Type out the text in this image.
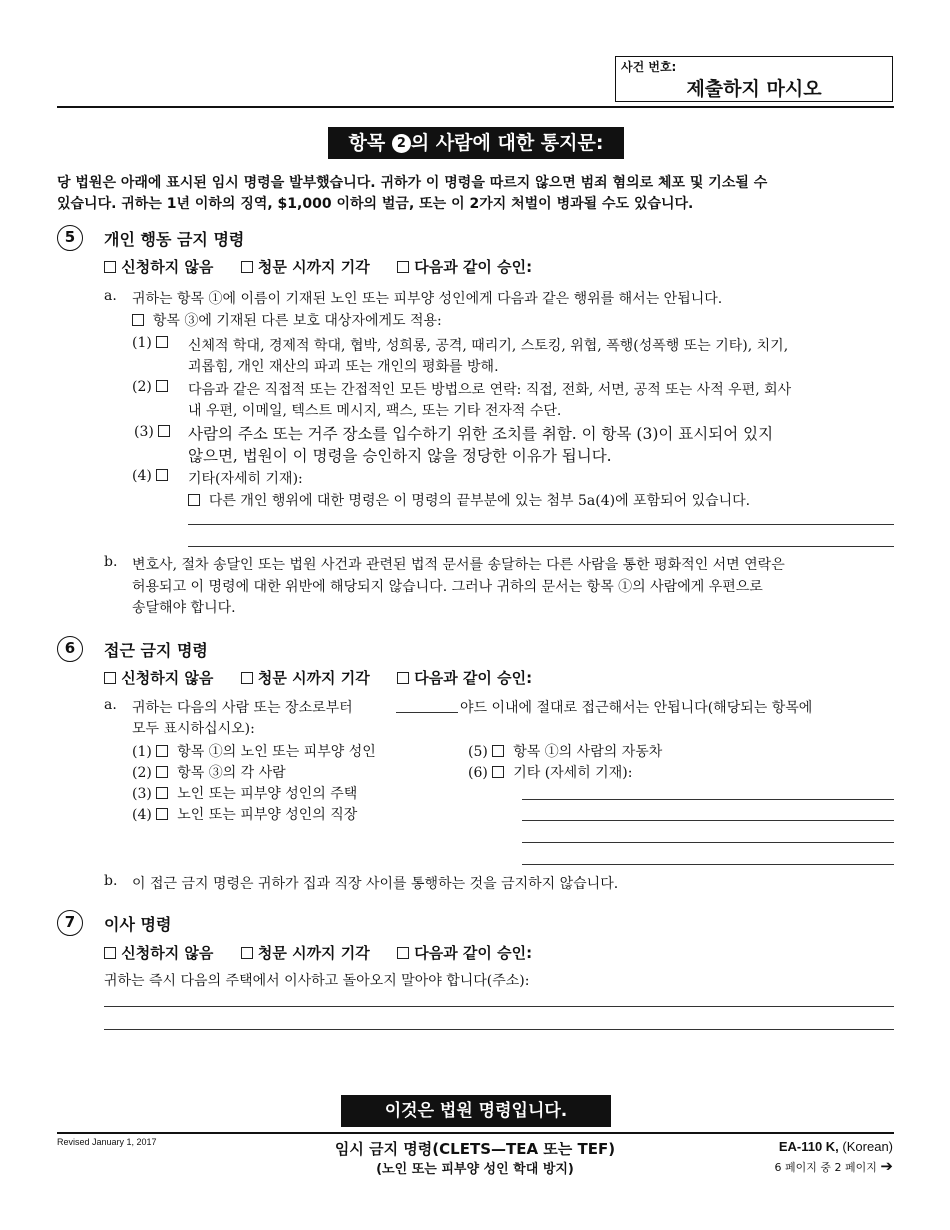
사건 번호:
제출하지 마시오
항목 2 의 사람에 대한 통지문:
당 법원은 아래에 표시된 임시 명령을 발부했습니다. 귀하가 이 명령을 따르지 않으면 범죄 혐의로 체포 및 기소될 수
있습니다. 귀하는 1년 이하의 징역, $1,000 이하의 벌금, 또는 이 2가지 처벌이 병과될 수도 있습니다.
5	개인 행동 금지 명령
신청하지 않음	청문 시까지 기각	다음과 같이 승인:
a. 귀하는 항목 ①에 이름이 기재된 노인 또는 피부양 성인에게 다음과 같은 행위를 해서는 안됩니다.
항목 ③에 기재된 다른 보호 대상자에게도 적용:
(1)	신체적 학대, 경제적 학대, 협박, 성희롱, 공격, 때리기, 스토킹, 위협, 폭행(성폭행 또는 기타), 치기,
괴롭힘, 개인 재산의 파괴 또는 개인의 평화를 방해.
(2)	다음과 같은 직접적 또는 간접적인 모든 방법으로 연락: 직접, 전화, 서면, 공적 또는 사적 우편, 회사
내 우편, 이메일, 텍스트 메시지, 팩스, 또는 기타 전자적 수단.
(3)	사람의 주소 또는 거주 장소를 입수하기 위한 조치를 취함. 이 항목 (3)이 표시되어 있지
않으면, 법원이 이 명령을 승인하지 않을 정당한 이유가 됩니다.
(4)	기타(자세히 기재):
다른 개인 행위에 대한 명령은 이 명령의 끝부분에 있는 첨부 5a(4)에 포함되어 있습니다.
b. 변호사, 절차 송달인 또는 법원 사건과 관련된 법적 문서를 송달하는 다른 사람을 통한 평화적인 서면 연락은
허용되고 이 명령에 대한 위반에 해당되지 않습니다. 그러나 귀하의 문서는 항목 ①의 사람에게 우편으로
송달해야 합니다.
6	접근 금지 명령
신청하지 않음	청문 시까지 기각	다음과 같이 승인:
a. 귀하는 다음의 사람 또는 장소로부터	야드 이내에 절대로 접근해서는 안됩니다(해당되는 항목에
모두 표시하십시오):
(1) 항목 ①의 노인 또는 피부양 성인
(2) 항목 ③의 각 사람
(3) 노인 또는 피부양 성인의 주택
(4) 노인 또는 피부양 성인의 직장
(5) 항목 ①의 사람의 자동차
(6) 기타 (자세히 기재):
b. 이 접근 금지 명령은 귀하가 집과 직장 사이를 통행하는 것을 금지하지 않습니다.
7	이사 명령
신청하지 않음	청문 시까지 기각	다음과 같이 승인:
귀하는 즉시 다음의 주택에서 이사하고 돌아오지 말아야 합니다(주소):
이것은 법원 명령입니다.
Revised January 1, 2017	임시 금지 명령(CLETS—TEA 또는 TEF)
(노인 또는 피부양 성인 학대 방지)
EA-110 K, (Korean)
6 페이지 중 2 페이지 ➔
